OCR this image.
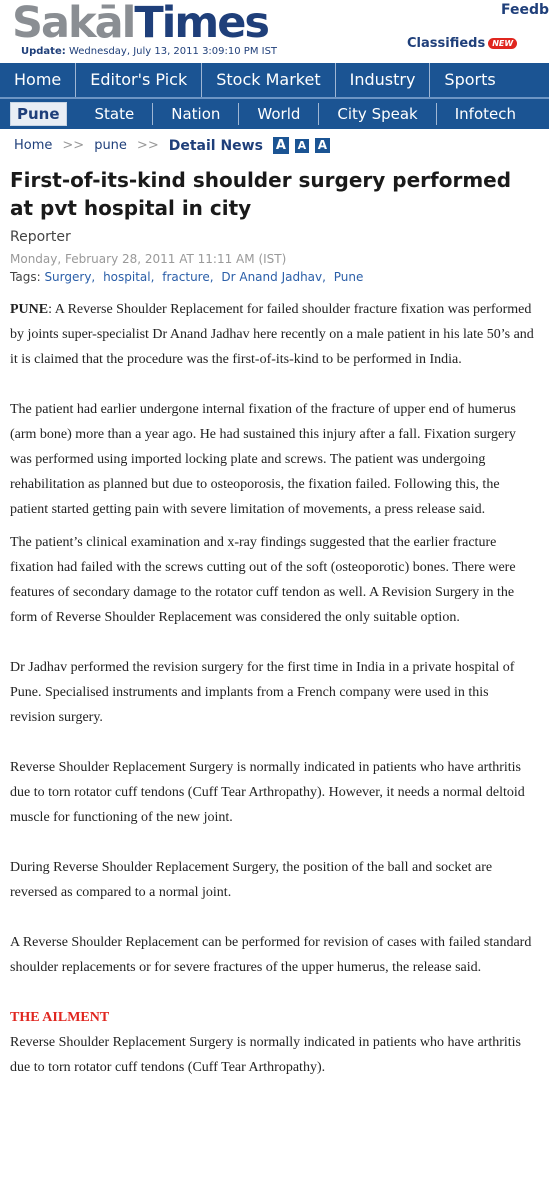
Sakāl Times
Update: Wednesday, July 13, 2011 3:09:10 PM IST
Feedb
Classifieds NEW
Home	Editor's Pick	Stock Market	Industry	Sports
Pune	State	Nation	World	City Speak	Infotech
Home >> pune >> Detail News A A A
First-of-its-kind shoulder surgery performed at pvt hospital in city
Reporter
Monday, February 28, 2011 AT 11:11 AM (IST)
Tags: Surgery, hospital, fracture, Dr Anand Jadhav, Pune

PUNE: A Reverse Shoulder Replacement for failed shoulder fracture fixation was performed by joints super-specialist Dr Anand Jadhav here recently on a male patient in his late 50’s and it is claimed that the procedure was the first-of-its-kind to be performed in India.

The patient had earlier undergone internal fixation of the fracture of upper end of humerus (arm bone) more than a year ago. He had sustained this injury after a fall. Fixation surgery was performed using imported locking plate and screws. The patient was undergoing rehabilitation as planned but due to osteoporosis, the fixation failed. Following this, the patient started getting pain with severe limitation of movements, a press release said.

The patient’s clinical examination and x-ray findings suggested that the earlier fracture fixation had failed with the screws cutting out of the soft (osteoporotic) bones. There were features of secondary damage to the rotator cuff tendon as well. A Revision Surgery in the form of Reverse Shoulder Replacement was considered the only suitable option.

Dr Jadhav performed the revision surgery for the first time in India in a private hospital of Pune. Specialised instruments and implants from a French company were used in this revision surgery.

Reverse Shoulder Replacement Surgery is normally indicated in patients who have arthritis due to torn rotator cuff tendons (Cuff Tear Arthropathy). However, it needs a normal deltoid muscle for functioning of the new joint.

During Reverse Shoulder Replacement Surgery, the position of the ball and socket are reversed as compared to a normal joint.

A Reverse Shoulder Replacement can be performed for revision of cases with failed standard shoulder replacements or for severe fractures of the upper humerus, the release said.

THE AILMENT

Reverse Shoulder Replacement Surgery is normally indicated in patients who have arthritis due to torn rotator cuff tendons (Cuff Tear Arthropathy).
